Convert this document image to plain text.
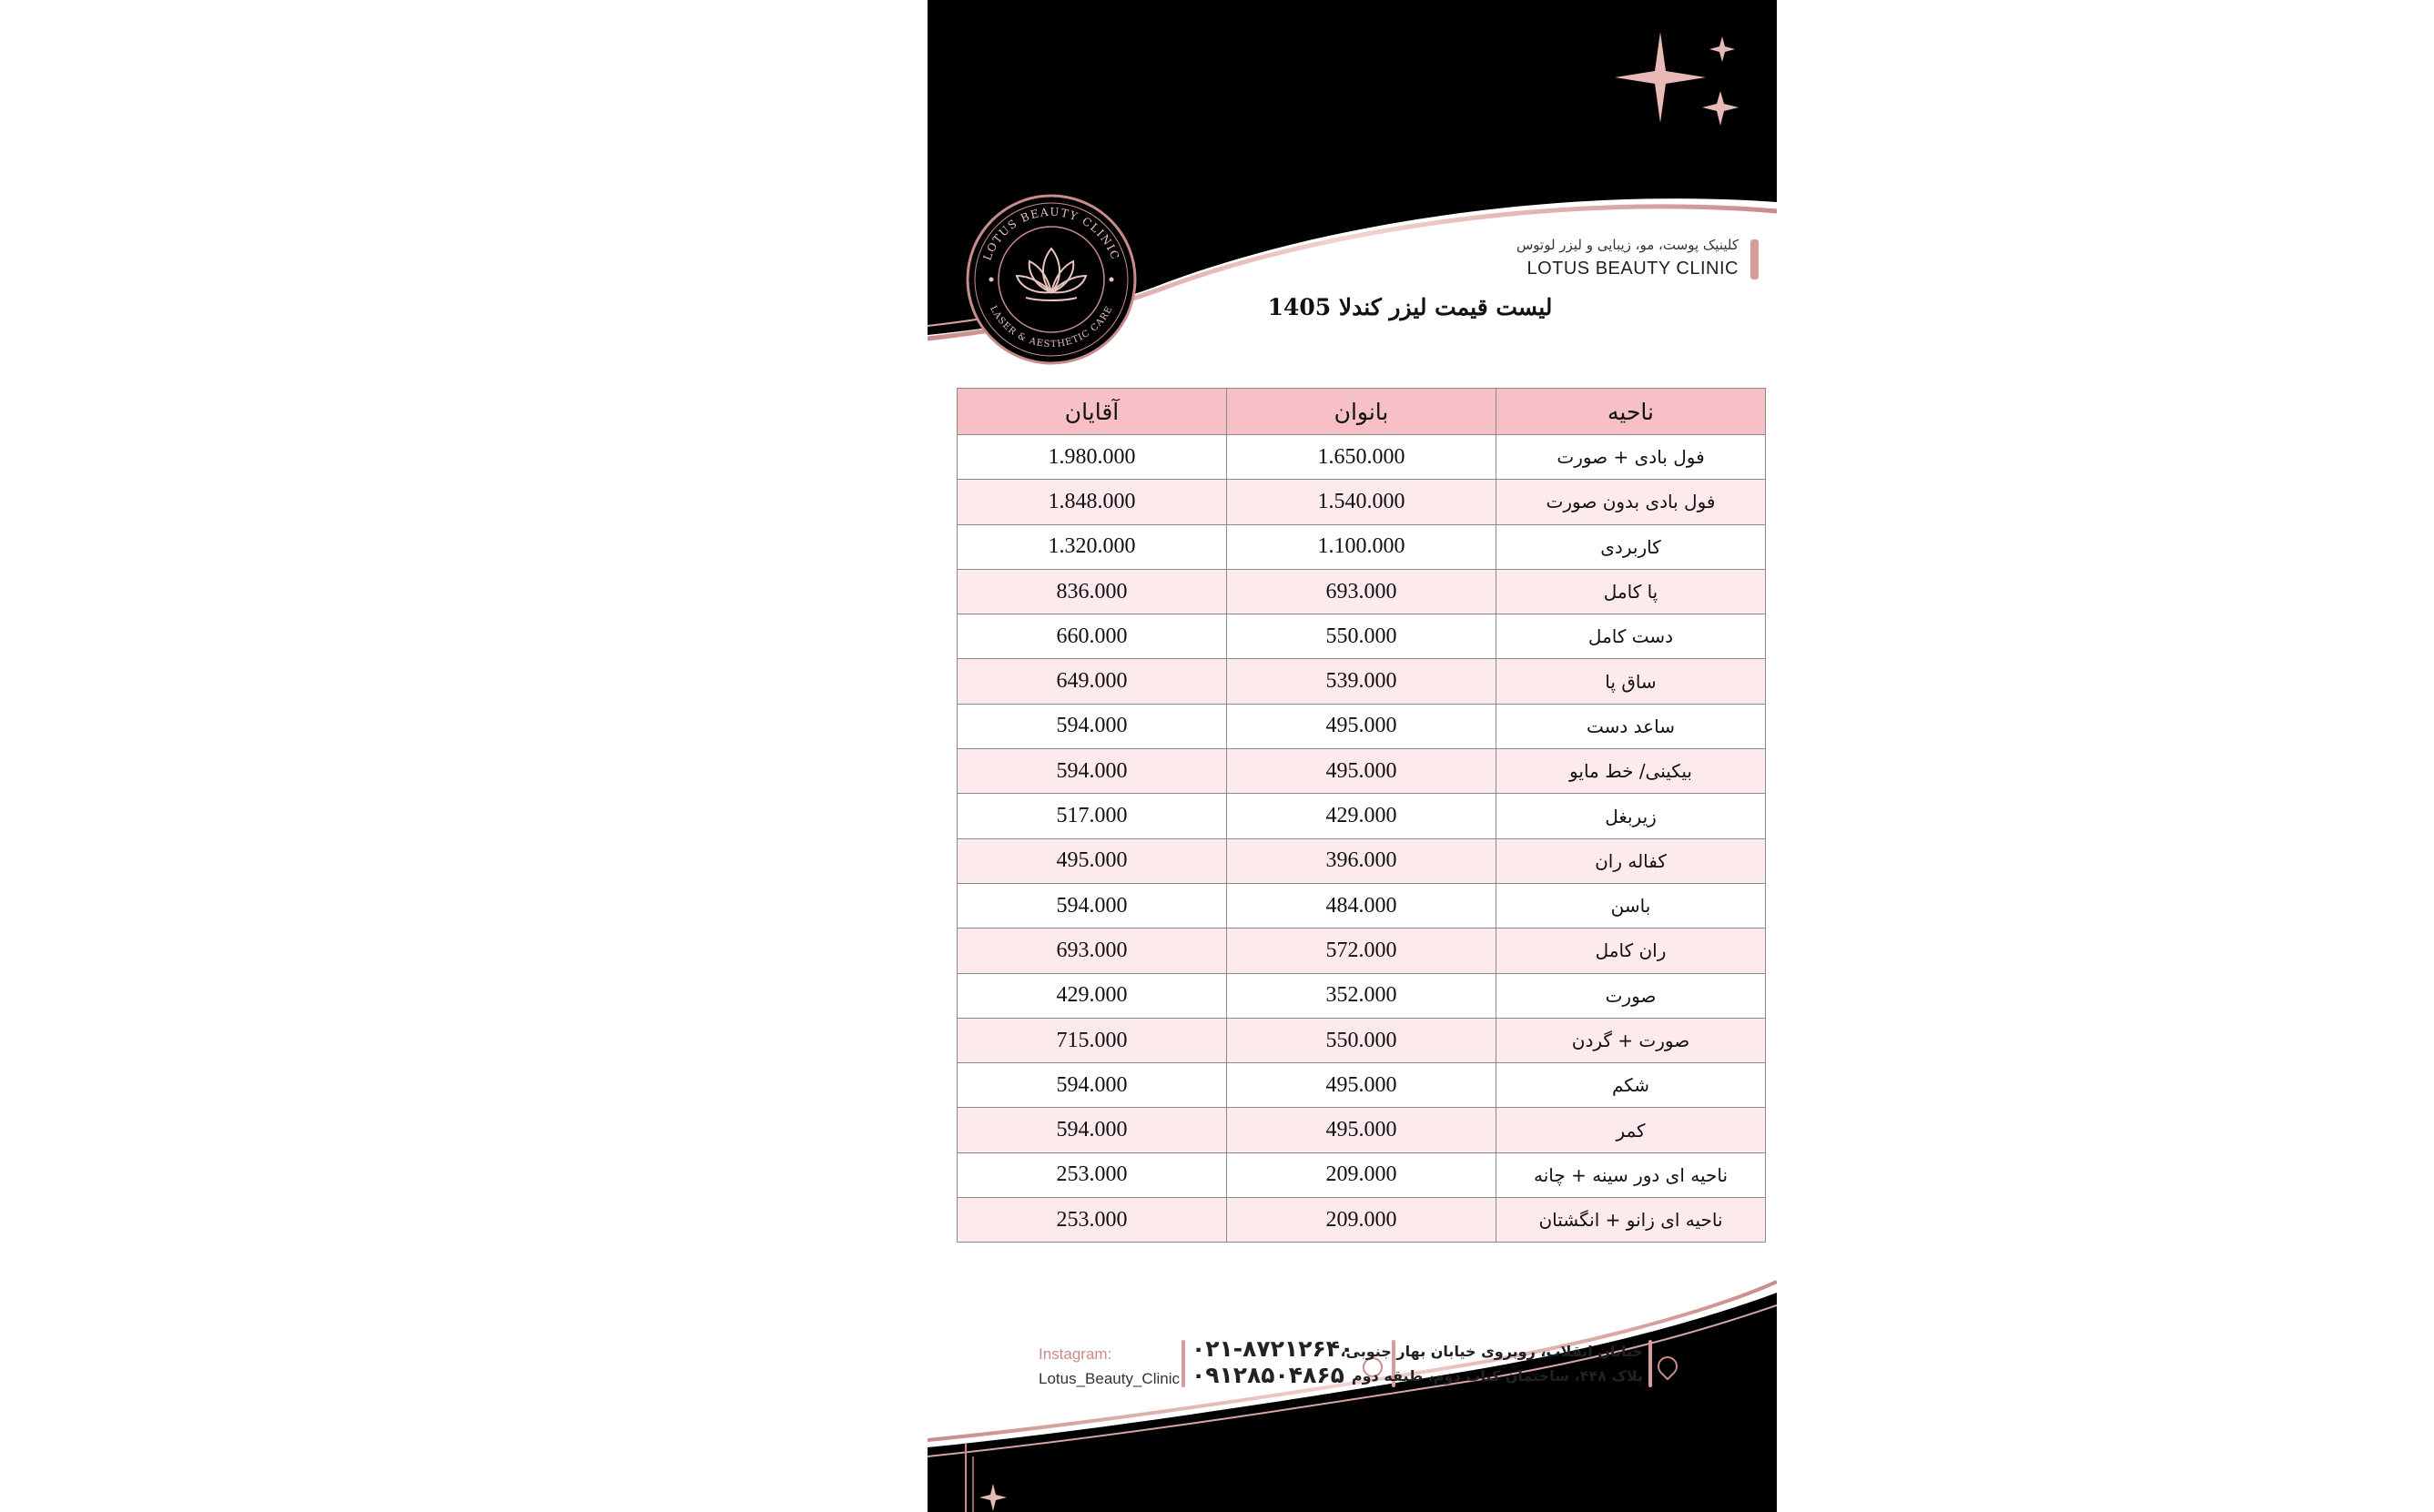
LOTUS BEAUTY CLINIC
LASER & AESTHETIC CARE
کلینیک پوست، مو، زیبایی و لیزر لوتوس
LOTUS BEAUTY CLINIC
لیست قیمت لیزر کندلا 1405
ناحیه	بانوان	آقایان
فول بادی + صورت	1.650.000	1.980.000
فول بادی بدون صورت	1.540.000	1.848.000
کاربردی	1.100.000	1.320.000
پا کامل	693.000	836.000
دست کامل	550.000	660.000
ساق پا	539.000	649.000
ساعد دست	495.000	594.000
بیکینی/ خط مایو	495.000	594.000
زیربغل	429.000	517.000
کفاله ران	396.000	495.000
باسن	484.000	594.000
ران کامل	572.000	693.000
صورت	352.000	429.000
صورت + گردن	550.000	715.000
شکم	495.000	594.000
کمر	495.000	594.000
ناحیه ای دور سینه + چانه	209.000	253.000
ناحیه ای زانو + انگشتان	209.000	253.000
Instagram:
Lotus_Beauty_Clinic
۰۲۱-۸۷۲۱۲۶۴۰
۰۹۱۲۸۵۰۴۸۶۵
خیابان انقلاب، روبروی خیابان بهار جنوبی،
پلاک ۴۴۸، ساختمان کتاب دوم، طبقه دوم
